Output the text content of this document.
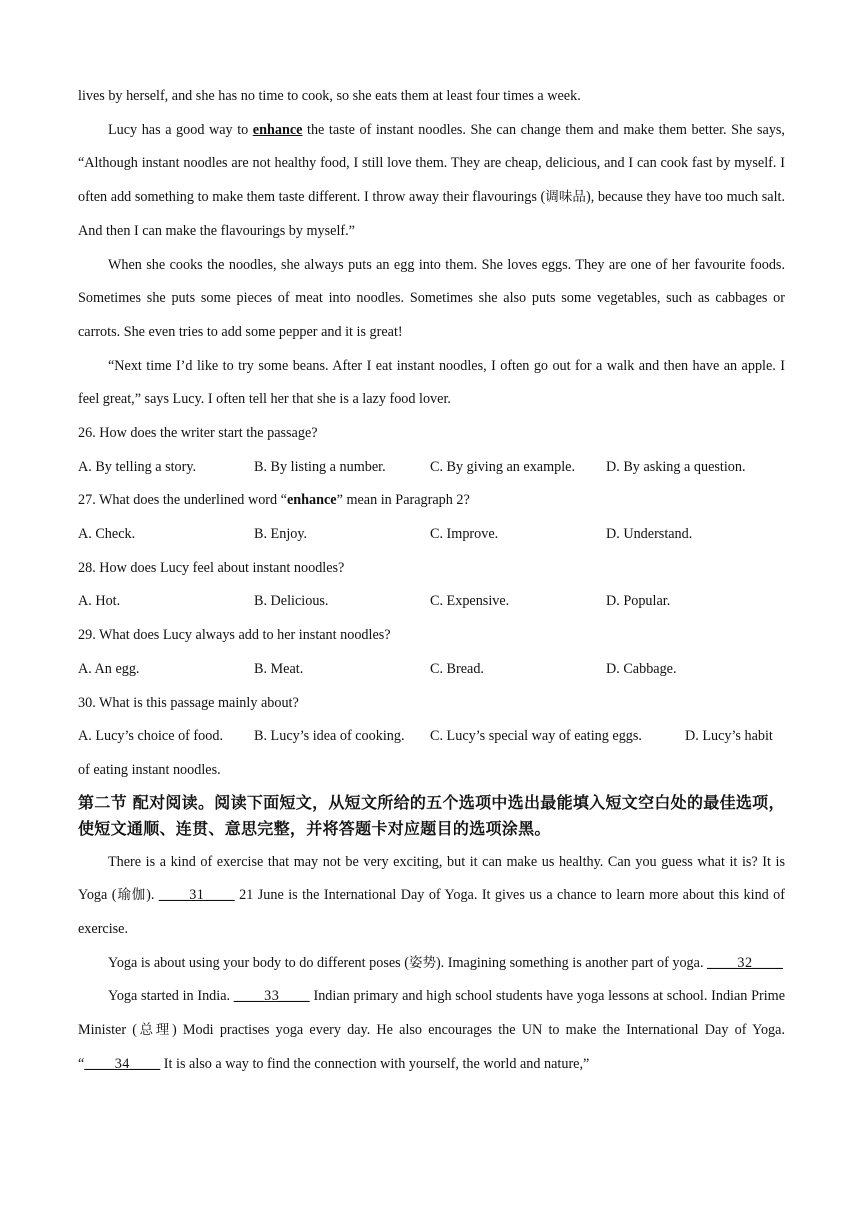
lives by herself, and she has no time to cook, so she eats them at least four times a week.
Lucy has a good way to enhance the taste of instant noodles. She can change them and make them better. She says, “Although instant noodles are not healthy food, I still love them. They are cheap, delicious, and I can cook fast by myself. I often add something to make them taste different. I throw away their flavourings (调味品), because they have too much salt. And then I can make the flavourings by myself.”
When she cooks the noodles, she always puts an egg into them. She loves eggs. They are one of her favourite foods. Sometimes she puts some pieces of meat into noodles. Sometimes she also puts some vegetables, such as cabbages or carrots. She even tries to add some pepper and it is great!
“Next time I’d like to try some beans. After I eat instant noodles, I often go out for a walk and then have an apple. I feel great,” says Lucy. I often tell her that she is a lazy food lover.
26. How does the writer start the passage?
A. By telling a story.	B. By listing a number.	C. By giving an example.	D. By asking a question.
27. What does the underlined word “enhance” mean in Paragraph 2?
A. Check.	B. Enjoy.	C. Improve.	D. Understand.
28. How does Lucy feel about instant noodles?
A. Hot.	B. Delicious.	C. Expensive.	D. Popular.
29. What does Lucy always add to her instant noodles?
A. An egg.	B. Meat.	C. Bread.	D. Cabbage.
30. What is this passage mainly about?
A. Lucy’s choice of food.	B. Lucy’s idea of cooking.	C. Lucy’s special way of eating eggs.	D. Lucy’s habit
of eating instant noodles.
第二节 配对阅读。阅读下面短文，从短文所给的五个选项中选出最能填入短文空白处的最佳选项，使短文通顺、连贯、意思完整，并将答题卡对应题目的选项涂黑。
There is a kind of exercise that may not be very exciting, but it can make us healthy. Can you guess what it is? It is Yoga (瑜伽). ____31____ 21 June is the International Day of Yoga. It gives us a chance to learn more about this kind of exercise.
Yoga is about using your body to do different poses (姿势). Imagining something is another part of yoga. ____32____
Yoga started in India. ____33____ Indian primary and high school students have yoga lessons at school. Indian Prime Minister (总理) Modi practises yoga every day. He also encourages the UN to make the International Day of Yoga. “____34____ It is also a way to find the connection with yourself, the world and nature,”
